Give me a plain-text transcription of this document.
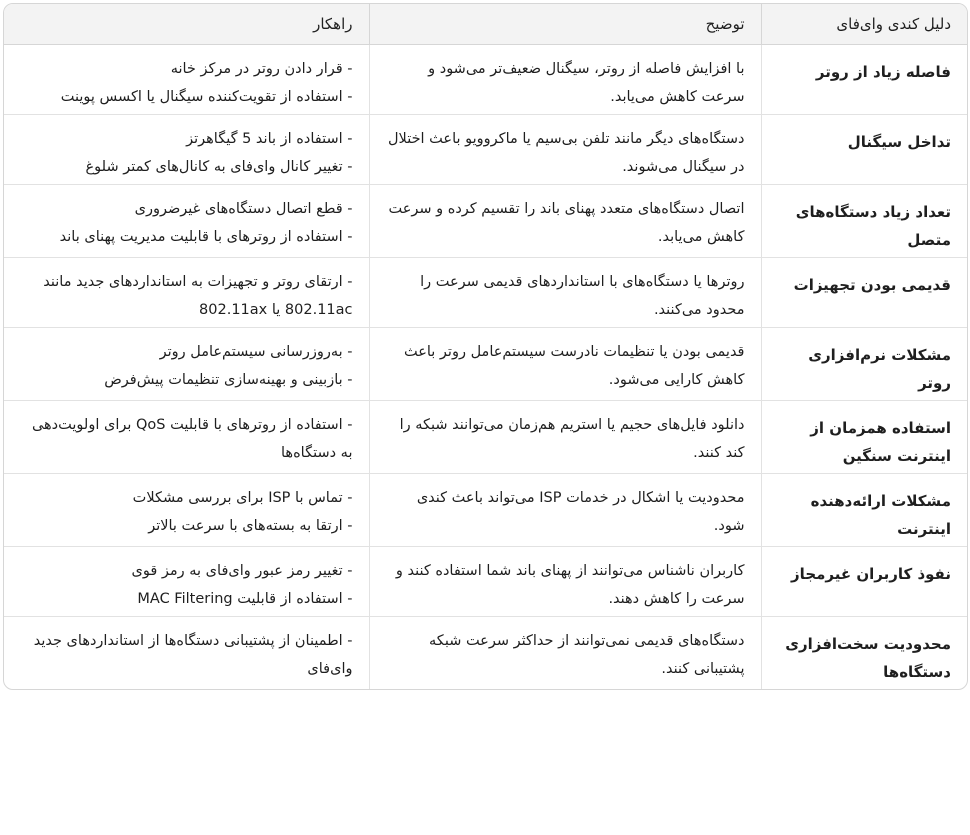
دلیل کندی وای‌فای	توضیح	راهکار
فاصله زیاد از روتر	با افزایش فاصله از روتر، سیگنال ضعیف‌تر می‌شود و سرعت کاهش می‌یابد.	- قرار دادن روتر در مرکز خانه
- استفاده از تقویت‌کننده سیگنال یا اکسس پوینت

تداخل سیگنال	دستگاه‌های دیگر مانند تلفن بی‌سیم یا ماکروویو باعث اختلال در سیگنال می‌شوند.	- استفاده از باند 5 گیگاهرتز
- تغییر کانال وای‌فای به کانال‌های کمتر شلوغ

تعداد زیاد دستگاه‌های متصل	اتصال دستگاه‌های متعدد پهنای باند را تقسیم کرده و سرعت کاهش می‌یابد.	- قطع اتصال دستگاه‌های غیرضروری
- استفاده از روترهای با قابلیت مدیریت پهنای باند

قدیمی بودن تجهیزات	روترها یا دستگاه‌های با استانداردهای قدیمی سرعت را محدود می‌کنند.	- ارتقای روتر و تجهیزات به استانداردهای جدید مانند 802.11ac یا 802.11ax

مشکلات نرم‌افزاری روتر	قدیمی بودن یا تنظیمات نادرست سیستم‌عامل روتر باعث کاهش کارایی می‌شود.	- به‌روزرسانی سیستم‌عامل روتر
- بازبینی و بهینه‌سازی تنظیمات پیش‌فرض

استفاده همزمان از اینترنت سنگین	دانلود فایل‌های حجیم یا استریم هم‌زمان می‌توانند شبکه را کند کنند.	- استفاده از روترهای با قابلیت QoS برای اولویت‌دهی به دستگاه‌ها

مشکلات ارائه‌دهنده اینترنت	محدودیت یا اشکال در خدمات ISP می‌تواند باعث کندی شود.	- تماس با ISP برای بررسی مشکلات
- ارتقا به بسته‌های با سرعت بالاتر

نفوذ کاربران غیرمجاز	کاربران ناشناس می‌توانند از پهنای باند شما استفاده کنند و سرعت را کاهش دهند.	- تغییر رمز عبور وای‌فای به رمز قوی
- استفاده از قابلیت MAC Filtering

محدودیت سخت‌افزاری دستگاه‌ها	دستگاه‌های قدیمی نمی‌توانند از حداکثر سرعت شبکه پشتیبانی کنند.	- اطمینان از پشتیبانی دستگاه‌ها از استانداردهای جدید وای‌فای
